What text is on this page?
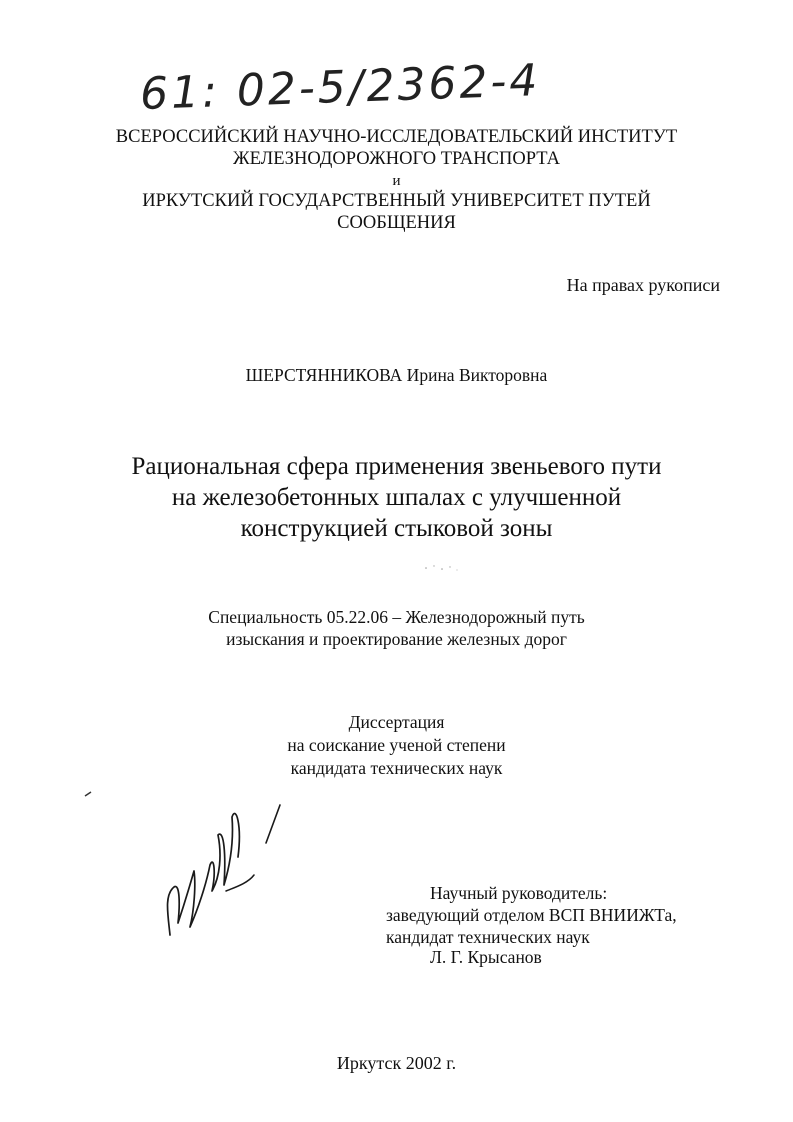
61: 02-5/2362-4
ВСЕРОССИЙСКИЙ НАУЧНО-ИССЛЕДОВАТЕЛЬСКИЙ ИНСТИТУТ
ЖЕЛЕЗНОДОРОЖНОГО ТРАНСПОРТА
и
ИРКУТСКИЙ ГОСУДАРСТВЕННЫЙ УНИВЕРСИТЕТ ПУТЕЙ
СООБЩЕНИЯ
На правах рукописи
ШЕРСТЯННИКОВА Ирина Викторовна
Рациональная сфера применения звеньевого пути
на железобетонных шпалах с улучшенной
конструкцией стыковой зоны
Специальность 05.22.06 – Железнодорожный путь
изыскания и проектирование железных дорог
Диссертация
на соискание ученой степени
кандидата технических наук
Научный руководитель:
заведующий отделом ВСП ВНИИЖТа,
кандидат технических наук
Л. Г. Крысанов
Иркутск 2002 г.
